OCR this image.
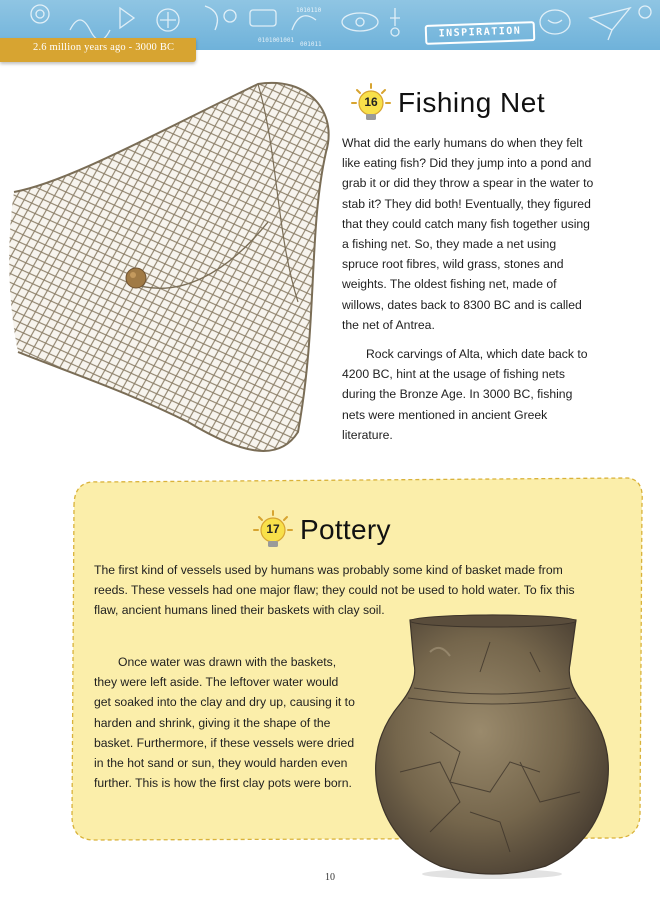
0101001001
1010110
001011
INSPIRATION
2.6 million years ago - 3000 BC
16 Fishing Net

What did the early humans do when they felt like eating fish? Did they jump into a pond and grab it or did they throw a spear in the water to stab it? They did both! Eventually, they figured that they could catch many fish together using a fishing net. So, they made a net using spruce root fibres, wild grass, stones and weights. The oldest fishing net, made of willows, dates back to 8300 BC and is called the net of Antrea.

Rock carvings of Alta, which date back to 4200 BC, hint at the usage of fishing nets during the Bronze Age. In 3000 BC, fishing nets were mentioned in ancient Greek literature.

17 Pottery

The first kind of vessels used by humans was probably some kind of basket made from reeds. These vessels had one major flaw; they could not be used to hold water. To fix this flaw, ancient humans lined their baskets with clay soil.

Once water was drawn with the baskets, they were left aside. The leftover water would get soaked into the clay and dry up, causing it to harden and shrink, giving it the shape of the basket. Furthermore, if these vessels were dried in the hot sand or sun, they would harden even further. This is how the first clay pots were born.

10
